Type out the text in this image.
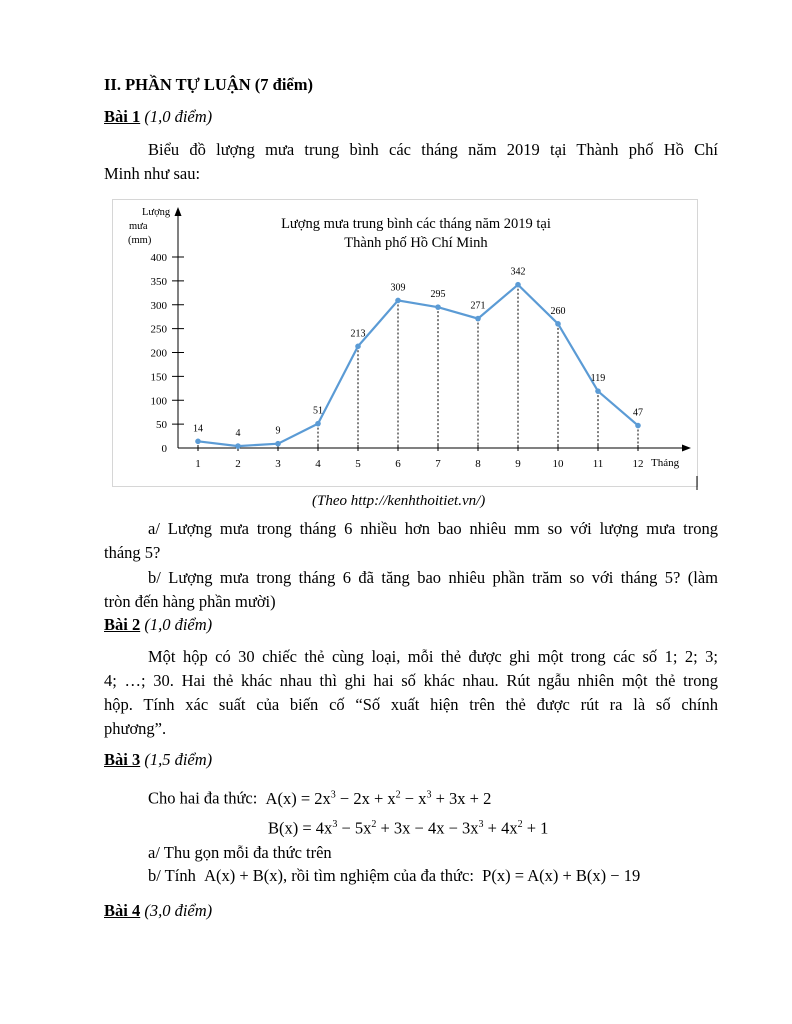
II. PHẦN TỰ LUẬN (7 điểm)
Bài 1 (1,0 điểm)
Biểu đồ lượng mưa trung bình các tháng năm 2019 tại Thành phố Hồ Chí
Minh như sau:
Lượng
mưa
(mm)
Lượng mưa trung bình các tháng năm 2019 tại
Thành phố Hồ Chí Minh
Tháng
0
50
100
150
200
250
300
350
400
1	2	3	4	5	6	7	8	9	10	11	12
14	4	9
51
213
309
295
271
342
260
119
47
(Theo http://kenhthoitiet.vn/)
a/ Lượng mưa trong tháng 6 nhiều hơn bao nhiêu mm so với lượng mưa trong
tháng 5?
b/ Lượng mưa trong tháng 6 đã tăng bao nhiêu phần trăm so với tháng 5? (làm
tròn đến hàng phần mười)
Bài 2 (1,0 điểm)
Một hộp có 30 chiếc thẻ cùng loại, mỗi thẻ được ghi một trong các số 1; 2; 3;
4; …; 30. Hai thẻ khác nhau thì ghi hai số khác nhau. Rút ngẫu nhiên một thẻ trong
hộp. Tính xác suất của biến cố “Số xuất hiện trên thẻ được rút ra là số chính
phương”.
Bài 3 (1,5 điểm)
Cho hai đa thức:  $A(x) = 2x^3 - 2x + x^2 - x^3 + 3x + 2$
$B(x) = 4x^3 - 5x^2 + 3x - 4x - 3x^3 + 4x^2 + 1$
a/ Thu gọn mỗi đa thức trên
b/ Tính  A(x) + B(x), rồi tìm nghiệm của đa thức:  P(x) = A(x) + B(x) − 19
Bài 4 (3,0 điểm)
